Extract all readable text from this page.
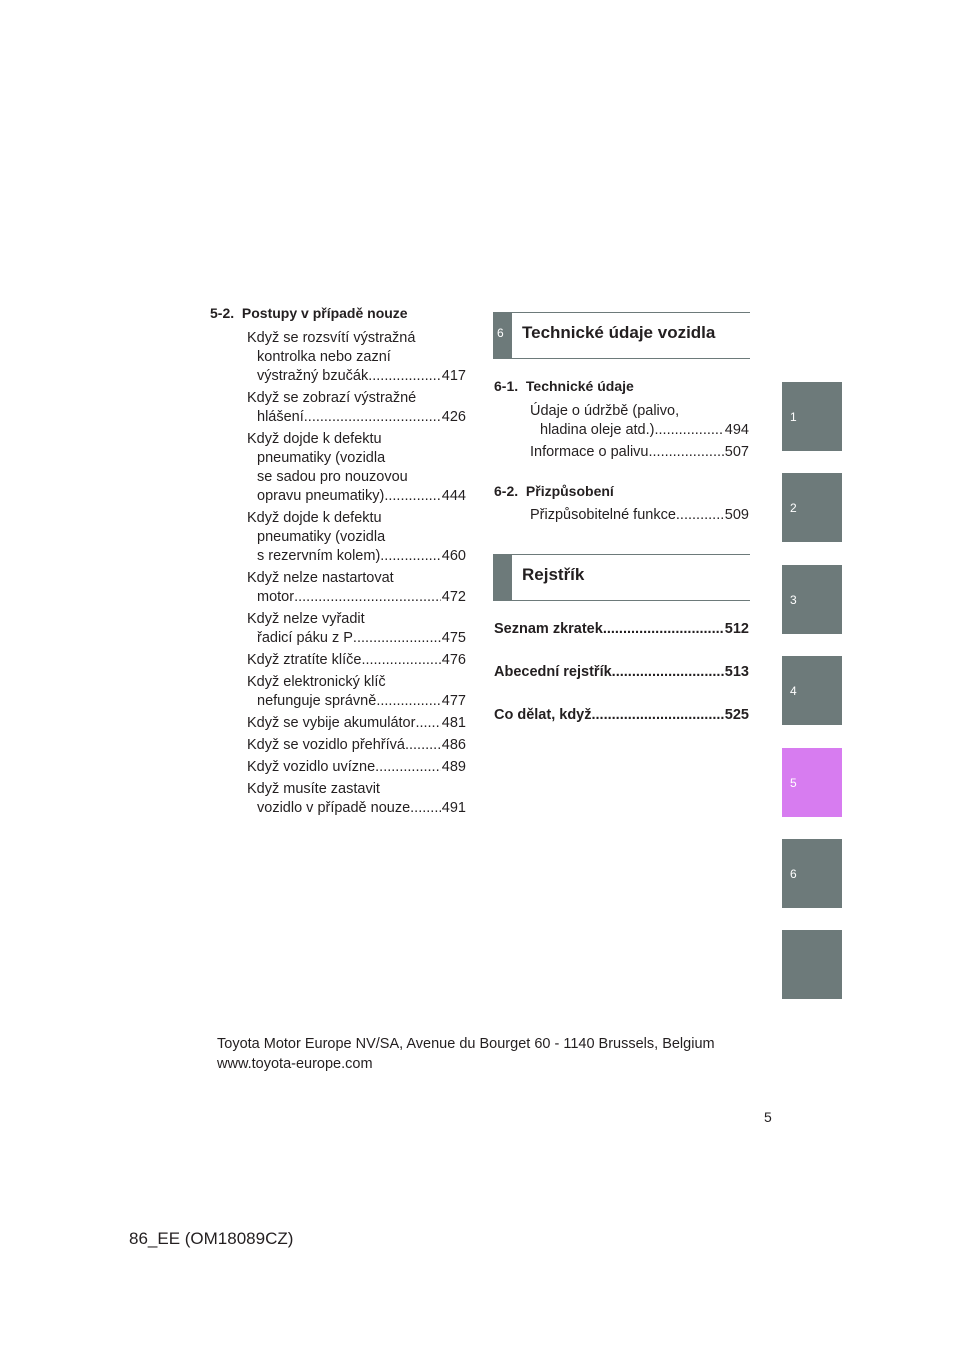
5-2.  Postupy v případě nouze
6 Technické údaje vozidla
6-1.  Technické údaje
6-2.  Přizpůsobení
Rejstřík
Toyota Motor Europe NV/SA, Avenue du Bourget 60 - 1140 Brussels, Belgium
www.toyota-europe.com
5
86_EE (OM18089CZ)
Když se rozsvítí výstražná
kontrolka nebo zazní
výstražný bzučák... .....	417
Když se zobrazí výstražné
hlášení .....	426
Když dojde k defektu
pneumatiky (vozidla
se sadou pro nouzovou
opravu pneumatiky) .....	444
Když dojde k defektu
pneumatiky (vozidla
s rezervním kolem) .....	460
Když nelze nastartovat
motor .....	472
Když nelze vyřadit
řadicí páku z P .....	475
Když ztratíte klíče .....	476
Když elektronický klíč
nefunguje správně .....	477
Když se vybije akumulátor ..... 481
Když se vozidlo přehřívá .....	486
Když vozidlo uvízne .....	489
Když musíte zastavit
vozidlo v případě nouze ..... 491
Údaje o údržbě (palivo,
hladina oleje atd.) .....	494
Informace o palivu .....	507
Přizpůsobitelné funkce .....	509
Seznam zkratek .....	512
Abecední rejstřík .....	513
Co dělat, když... .....	525
1
2
3
4
5
6
